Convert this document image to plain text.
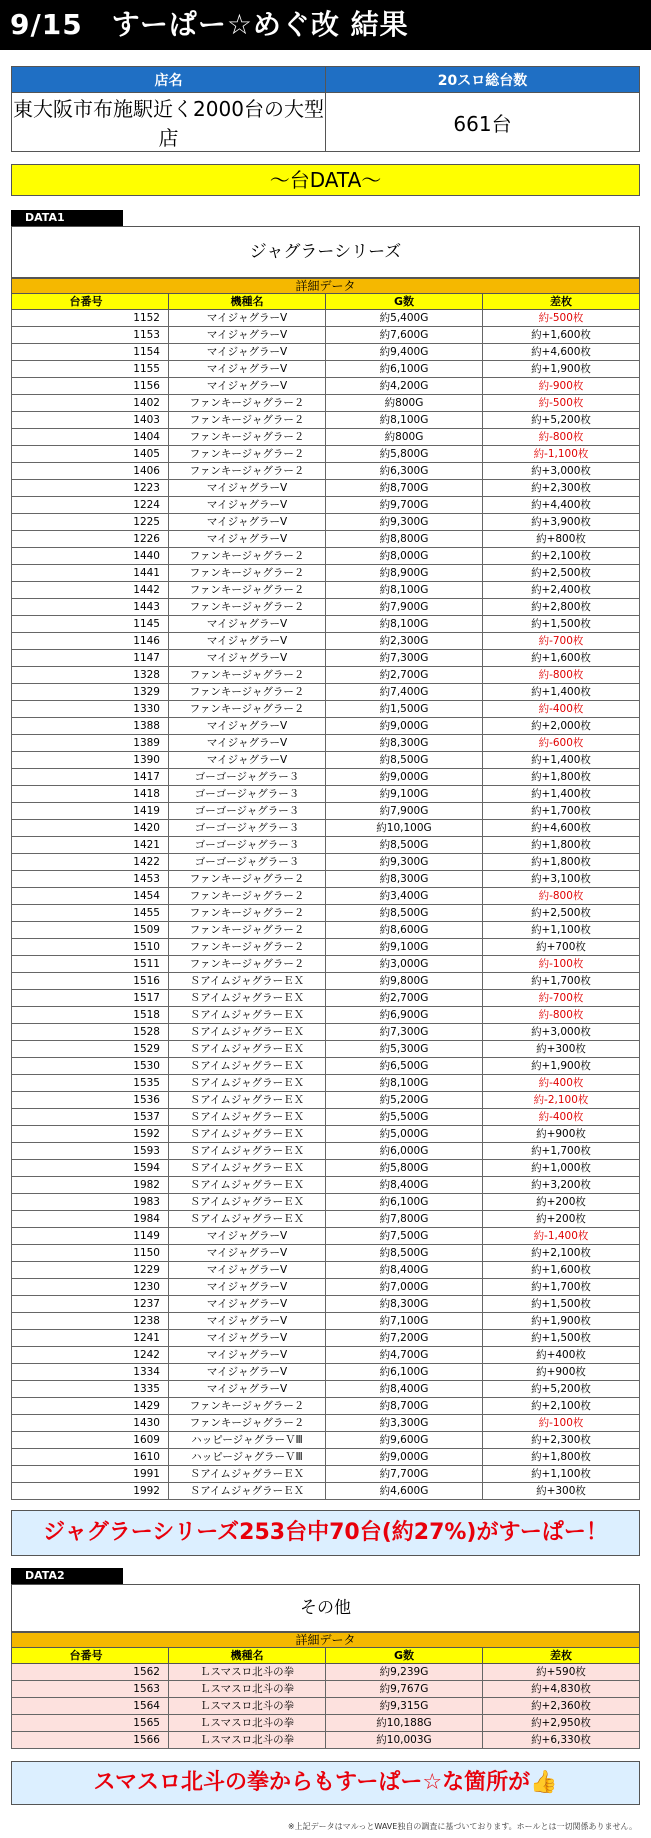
9/15　すーぱー☆めぐ改 結果
店名	20スロ総台数
東大阪市布施駅近く2000台の大型店	661台
〜台DATA〜
DATA1
ジャグラーシリーズ
詳細データ			
台番号	機種名	G数	差枚
1152	マイジャグラーⅤ	約5,400G	約-500枚
1153	マイジャグラーⅤ	約7,600G	約+1,600枚
1154	マイジャグラーⅤ	約9,400G	約+4,600枚
1155	マイジャグラーⅤ	約6,100G	約+1,900枚
1156	マイジャグラーⅤ	約4,200G	約-900枚
1402	ファンキージャグラー２	約800G	約-500枚
1403	ファンキージャグラー２	約8,100G	約+5,200枚
1404	ファンキージャグラー２	約800G	約-800枚
1405	ファンキージャグラー２	約5,800G	約-1,100枚
1406	ファンキージャグラー２	約6,300G	約+3,000枚
1223	マイジャグラーⅤ	約8,700G	約+2,300枚
1224	マイジャグラーⅤ	約9,700G	約+4,400枚
1225	マイジャグラーⅤ	約9,300G	約+3,900枚
1226	マイジャグラーⅤ	約8,800G	約+800枚
1440	ファンキージャグラー２	約8,000G	約+2,100枚
1441	ファンキージャグラー２	約8,900G	約+2,500枚
1442	ファンキージャグラー２	約8,100G	約+2,400枚
1443	ファンキージャグラー２	約7,900G	約+2,800枚
1145	マイジャグラーⅤ	約8,100G	約+1,500枚
1146	マイジャグラーⅤ	約2,300G	約-700枚
1147	マイジャグラーⅤ	約7,300G	約+1,600枚
1328	ファンキージャグラー２	約2,700G	約-800枚
1329	ファンキージャグラー２	約7,400G	約+1,400枚
1330	ファンキージャグラー２	約1,500G	約-400枚
1388	マイジャグラーⅤ	約9,000G	約+2,000枚
1389	マイジャグラーⅤ	約8,300G	約-600枚
1390	マイジャグラーⅤ	約8,500G	約+1,400枚
1417	ゴーゴージャグラー３	約9,000G	約+1,800枚
1418	ゴーゴージャグラー３	約9,100G	約+1,400枚
1419	ゴーゴージャグラー３	約7,900G	約+1,700枚
1420	ゴーゴージャグラー３	約10,100G	約+4,600枚
1421	ゴーゴージャグラー３	約8,500G	約+1,800枚
1422	ゴーゴージャグラー３	約9,300G	約+1,800枚
1453	ファンキージャグラー２	約8,300G	約+3,100枚
1454	ファンキージャグラー２	約3,400G	約-800枚
1455	ファンキージャグラー２	約8,500G	約+2,500枚
1509	ファンキージャグラー２	約8,600G	約+1,100枚
1510	ファンキージャグラー２	約9,100G	約+700枚
1511	ファンキージャグラー２	約3,000G	約-100枚
1516	ＳアイムジャグラーＥＸ	約9,800G	約+1,700枚
1517	ＳアイムジャグラーＥＸ	約2,700G	約-700枚
1518	ＳアイムジャグラーＥＸ	約6,900G	約-800枚
1528	ＳアイムジャグラーＥＸ	約7,300G	約+3,000枚
1529	ＳアイムジャグラーＥＸ	約5,300G	約+300枚
1530	ＳアイムジャグラーＥＸ	約6,500G	約+1,900枚
1535	ＳアイムジャグラーＥＸ	約8,100G	約-400枚
1536	ＳアイムジャグラーＥＸ	約5,200G	約-2,100枚
1537	ＳアイムジャグラーＥＸ	約5,500G	約-400枚
1592	ＳアイムジャグラーＥＸ	約5,000G	約+900枚
1593	ＳアイムジャグラーＥＸ	約6,000G	約+1,700枚
1594	ＳアイムジャグラーＥＸ	約5,800G	約+1,000枚
1982	ＳアイムジャグラーＥＸ	約8,400G	約+3,200枚
1983	ＳアイムジャグラーＥＸ	約6,100G	約+200枚
1984	ＳアイムジャグラーＥＸ	約7,800G	約+200枚
1149	マイジャグラーⅤ	約7,500G	約-1,400枚
1150	マイジャグラーⅤ	約8,500G	約+2,100枚
1229	マイジャグラーⅤ	約8,400G	約+1,600枚
1230	マイジャグラーⅤ	約7,000G	約+1,700枚
1237	マイジャグラーⅤ	約8,300G	約+1,500枚
1238	マイジャグラーⅤ	約7,100G	約+1,900枚
1241	マイジャグラーⅤ	約7,200G	約+1,500枚
1242	マイジャグラーⅤ	約4,700G	約+400枚
1334	マイジャグラーⅤ	約6,100G	約+900枚
1335	マイジャグラーⅤ	約8,400G	約+5,200枚
1429	ファンキージャグラー２	約8,700G	約+2,100枚
1430	ファンキージャグラー２	約3,300G	約-100枚
1609	ハッピージャグラーＶⅢ	約9,600G	約+2,300枚
1610	ハッピージャグラーＶⅢ	約9,000G	約+1,800枚
1991	ＳアイムジャグラーＥＸ	約7,700G	約+1,100枚
1992	ＳアイムジャグラーＥＸ	約4,600G	約+300枚
ジャグラーシリーズ253台中70台(約27%)がすーぱー！
DATA2
その他
詳細データ			
台番号	機種名	G数	差枚
1562	Ｌスマスロ北斗の拳	約9,239G	約+590枚
1563	Ｌスマスロ北斗の拳	約9,767G	約+4,830枚
1564	Ｌスマスロ北斗の拳	約9,315G	約+2,360枚
1565	Ｌスマスロ北斗の拳	約10,188G	約+2,950枚
1566	Ｌスマスロ北斗の拳	約10,003G	約+6,330枚
スマスロ北斗の拳からもすーぱー☆な箇所が👍
※上記データはマルっとWAVE独自の調査に基づいております。ホールとは一切関係ありません。
